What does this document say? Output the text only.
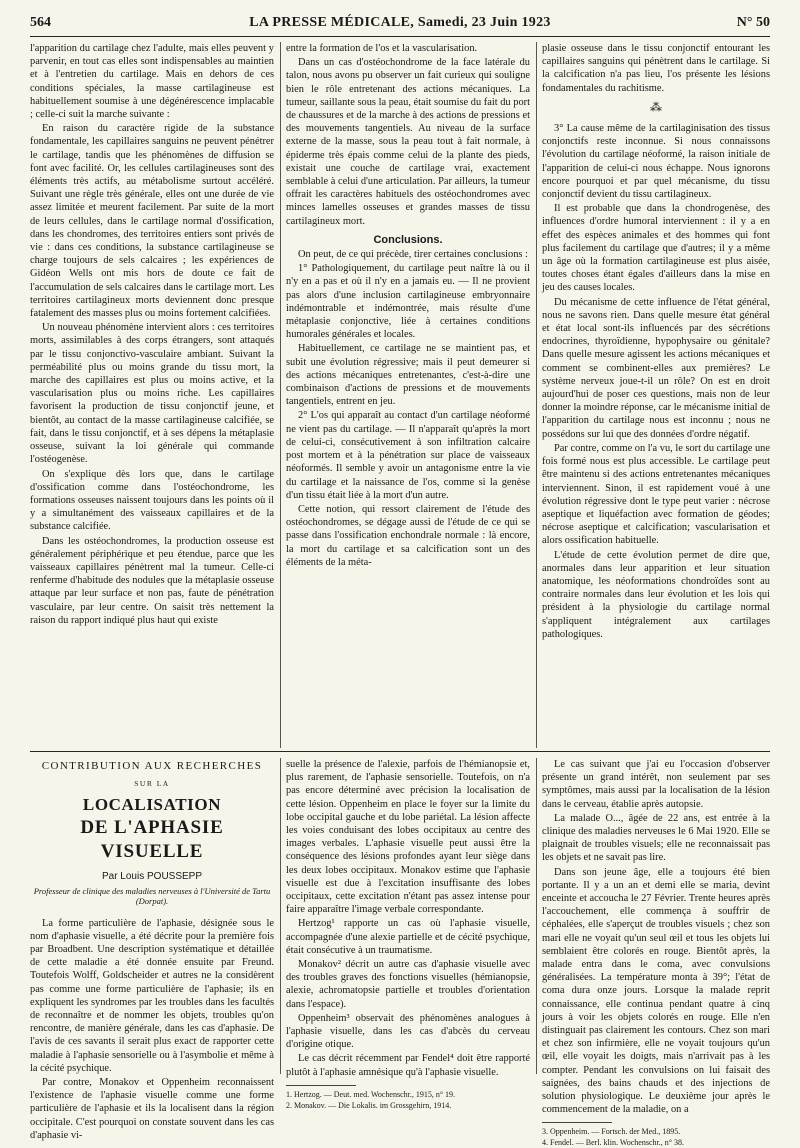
564	LA PRESSE MÉDICALE, Samedi, 23 Juin 1923	N° 50

l'apparition du cartilage chez l'adulte, mais elles peuvent y parvenir, en tout cas elles sont indispensables au maintien et à l'entretien du cartilage. Mais en dehors de ces conditions spéciales, la masse cartilagineuse est habituellement soumise à une dégénérescence implacable ; celle-ci suit la marche suivante :

En raison du caractère rigide de la substance fondamentale, les capillaires sanguins ne peuvent pénétrer le cartilage, tandis que les phénomènes de diffusion se font avec facilité. Or, les cellules cartilagineuses sont des éléments très actifs, au métabolisme surtout accéléré. Suivant une règle très générale, elles ont une durée de vie assez limitée et meurent facilement. Par suite de la mort de leurs cellules, dans le cartilage normal d'ossification, dans les chondromes, des territoires entiers sont privés de vie : dans ces conditions, la substance cartilagineuse se charge toujours de sels calcaires ; les expériences de Gidéon Wells ont mis hors de doute ce fait de l'accumulation de sels calcaires dans le cartilage mort. Les territoires cartilagineux morts deviennent donc presque fatalement des masses plus ou moins fortement calcifiées.

Un nouveau phénomène intervient alors : ces territoires morts, assimilables à des corps étrangers, sont attaqués par le tissu conjonctivo-vasculaire ambiant. Suivant la perméabilité plus ou moins grande du tissu mort, la marche des capillaires est plus ou moins active, et la vascularisation plus ou moins riche. Les capillaires favorisent la production de tissu conjonctif jeune, et bientôt, au contact de la masse cartilagineuse calcifiée, se fait, dans le tissu conjonctif, et à ses dépens la métaplasie osseuse, suivant la loi générale qui commande l'ostéogenèse.

On s'explique dès lors que, dans le cartilage d'ossification comme dans l'ostéochondrome, les formations osseuses naissent toujours dans les points où il y a simultanément des vaisseaux capillaires et de la substance calcifiée.

Dans les ostéochondromes, la production osseuse est généralement périphérique et peu étendue, parce que les vaisseaux capillaires pénètrent mal la tumeur. Celle-ci renferme d'habitude des nodules que la métaplasie osseuse attaque par leur surface et non pas, faute de pénétration vasculaire, par leur centre. On saisit très nettement la raison du rapport indiqué plus haut qui existe

entre la formation de l'os et la vascularisation.

Dans un cas d'ostéochondrome de la face latérale du talon, nous avons pu observer un fait curieux qui souligne bien le rôle entretenant des actions mécaniques. La tumeur, saillante sous la peau, était soumise du fait du port de chaussures et de la marche à des actions de pressions et des mouvements tangentiels. Au niveau de la surface externe de la masse, sous la peau tout à fait normale, à épiderme très épais comme celui de la plante des pieds, existait une couche de cartilage vrai, exactement semblable à celui d'une articulation. Par ailleurs, la tumeur offrait les caractères habituels des ostéochondromes avec minces lamelles osseuses et grandes masses de tissu cartilagineux mort.

Conclusions.

On peut, de ce qui précède, tirer certaines conclusions :

1° Pathologiquement, du cartilage peut naître là ou il n'y en a pas et où il n'y en a jamais eu. — Il ne provient pas alors d'une inclusion cartilagineuse embryonnaire indémontrable et indémontrée, mais résulte d'une métaplasie conjonctive, liée à certaines conditions humorales générales et locales.

Habituellement, ce cartilage ne se maintient pas, et subit une évolution régressive; mais il peut demeurer si des actions mécaniques entretenantes, c'est-à-dire une combinaison d'actions de pressions et de mouvements tangentiels, entrent en jeu.

2° L'os qui apparaît au contact d'un cartilage néoformé ne vient pas du cartilage. — Il n'apparaît qu'après la mort de celui-ci, consécutivement à son infiltration calcaire post mortem et à la pénétration sur place de vaisseaux néoformés. Il semble y avoir un antagonisme entre la vie du cartilage et la naissance de l'os, comme si la genèse d'un tissu était liée à la mort d'un autre.

Cette notion, qui ressort clairement de l'étude des ostéochondromes, se dégage aussi de l'étude de ce qui se passe dans l'ossification enchondrale normale : là encore, la mort du cartilage et sa calcification sont un des éléments de la méta-

plasie osseuse dans le tissu conjonctif entourant les capillaires sanguins qui pénètrent dans le cartilage. Si la calcification n'a pas lieu, l'os présente les lésions fondamentales du rachitisme.

⁂

3° La cause même de la cartilaginisation des tissus conjonctifs reste inconnue. Si nous connaissons l'évolution du cartilage néoformé, la raison initiale de l'apparition de celui-ci nous échappe. Nous ignorons encore pourquoi et par quel mécanisme, du tissu conjonctif devient du tissu cartilagineux.

Il est probable que dans la chondrogenèse, des influences d'ordre humoral interviennent : il y a en effet des espèces animales et des hommes qui font plus facilement du cartilage que d'autres; il y a même un âge où la formation cartilagineuse est plus aisée, toutes choses étant égales d'ailleurs dans la mise en jeu des causes locales.

Du mécanisme de cette influence de l'état général, nous ne savons rien. Dans quelle mesure état général et état local sont-ils influencés par des sécrétions endocrines, thyroïdienne, hypophysaire ou génitale? Dans quelle mesure agissent les actions mécaniques et comment se combinent-elles aux premières? Le système nerveux joue-t-il un rôle? On est en droit aujourd'hui de poser ces questions, mais non de leur donner la moindre réponse, car le mécanisme initial de l'apparition du cartilage nous est inconnu ; nous ne possédons sur lui que des données d'ordre négatif.

Par contre, comme on l'a vu, le sort du cartilage une fois formé nous est plus accessible. Le cartilage peut être maintenu si des actions entretenantes mécaniques interviennent. Sinon, il est rapidement voué à une évolution régressive dont le type peut varier : nécrose aseptique et liquéfaction avec formation de géodes; nécrose aseptique et calcification; vascularisation et alors ossification habituelle.

L'étude de cette évolution permet de dire que, anormales dans leur apparition et leur situation anatomique, les néoformations chondroïdes sont au contraire normales dans leur évolution et les lois qui président à la physiologie du cartilage normal s'appliquent intégralement aux cartilages pathologiques.

CONTRIBUTION AUX RECHERCHES
SUR LA
LOCALISATION
DE L'APHASIE VISUELLE
Par Louis POUSSEPP
Professeur de clinique des maladies nerveuses à l'Université de Tartu (Dorpat).

La forme particulière de l'aphasie, désignée sous le nom d'aphasie visuelle, a été décrite pour la première fois par Broadbent. Une description systématique et détaillée de cette maladie a été donnée ensuite par Freund. Toutefois Wolff, Goldscheider et autres ne la considèrent pas comme une forme particulière de l'aphasie; ils en expliquent les syndromes par les troubles dans les facultés de reconnaître et de nommer les objets, troubles qu'on rencontre, de manière générale, dans les cas d'aphasie. De l'avis de ces savants il serait plus exact de rapporter cette maladie à l'aphasie sensorielle ou à l'asymbolie et même à la cécité psychique.

Par contre, Monakov et Oppenheim reconnaissent l'existence de l'aphasie visuelle comme une forme particulière de l'aphasie et ils la localisent dans la région occipitale. C'est pourquoi on constate souvent dans les cas d'aphasie vi-

suelle la présence de l'alexie, parfois de l'hémianopsie et, plus rarement, de l'aphasie sensorielle. Toutefois, on n'a pas encore déterminé avec précision la localisation de cette lésion. Oppenheim en place le foyer sur la limite du lobe occipital gauche et du lobe pariétal. La lésion affecte les voies conduisant des lobes occipitaux au centre des images verbales. L'aphasie visuelle peut aussi être la conséquence des lésions profondes ayant leur siège dans les deux lobes occipitaux. Monakov estime que l'aphasie visuelle est due à l'excitation insuffisante des lobes occipitaux, cette excitation n'étant pas assez intense pour faire apparaître l'image verbale correspondante.

Hertzog¹ rapporte un cas où l'aphasie visuelle, accompagnée d'une alexie partielle et de cécité psychique, était consécutive à un traumatisme.

Monakov² décrit un autre cas d'aphasie visuelle avec des troubles graves des fonctions visuelles (hémianopsie, alexie, achromatopsie partielle et troubles d'orientation dans l'espace).

Oppenheim³ observait des phénomènes analogues à l'aphasie visuelle, dans les cas d'abcès du cerveau d'origine otique.

Le cas décrit récemment par Fendel⁴ doit être rapporté plutôt à l'aphasie amnésique qu'à l'aphasie visuelle.

1. Hertzog. — Deut. med. Wochenschr., 1915, n° 19.

2. Monakov. — Die Lokalis. im Grossgehirn, 1914.

Le cas suivant que j'ai eu l'occasion d'observer présente un grand intérêt, non seulement par ses symptômes, mais aussi par la localisation de la lésion dans le cerveau, établie après autopsie.

La malade O..., âgée de 22 ans, est entrée à la clinique des maladies nerveuses le 6 Mai 1920. Elle se plaignait de troubles visuels; elle ne reconnaissait pas les objets et ne savait pas lire.

Dans son jeune âge, elle a toujours été bien portante. Il y a un an et demi elle se maria, devint enceinte et accoucha le 27 Février. Trente heures après l'accouchement, elle commença à souffrir de céphalées, elle s'aperçut de troubles visuels ; chez son mari elle ne voyait qu'un seul œil et tous les objets lui semblaient être colorés en rouge. Bientôt après, la malade entra dans le coma, avec convulsions généralisées. La température monta à 39°; l'état de coma dura onze jours. Lorsque la malade reprit connaissance, elle continua pendant quatre à cinq jours à voir les objets colorés en rouge. Elle n'en distinguait pas clairement les contours. Chez son mari et chez son infirmière, elle ne voyait toujours qu'un œil, elle voyait les doigts, mais n'arrivait pas à les compter. Pendant les convulsions on lui faisait des saignées, des bains chauds et des injections de solution physiologique. Le deuxième jour après le commencement de la maladie, on a

3. Oppenheim. — Fortsch. der Med., 1895.

4. Fendel. — Berl. klin. Wochenschr., n° 38.
